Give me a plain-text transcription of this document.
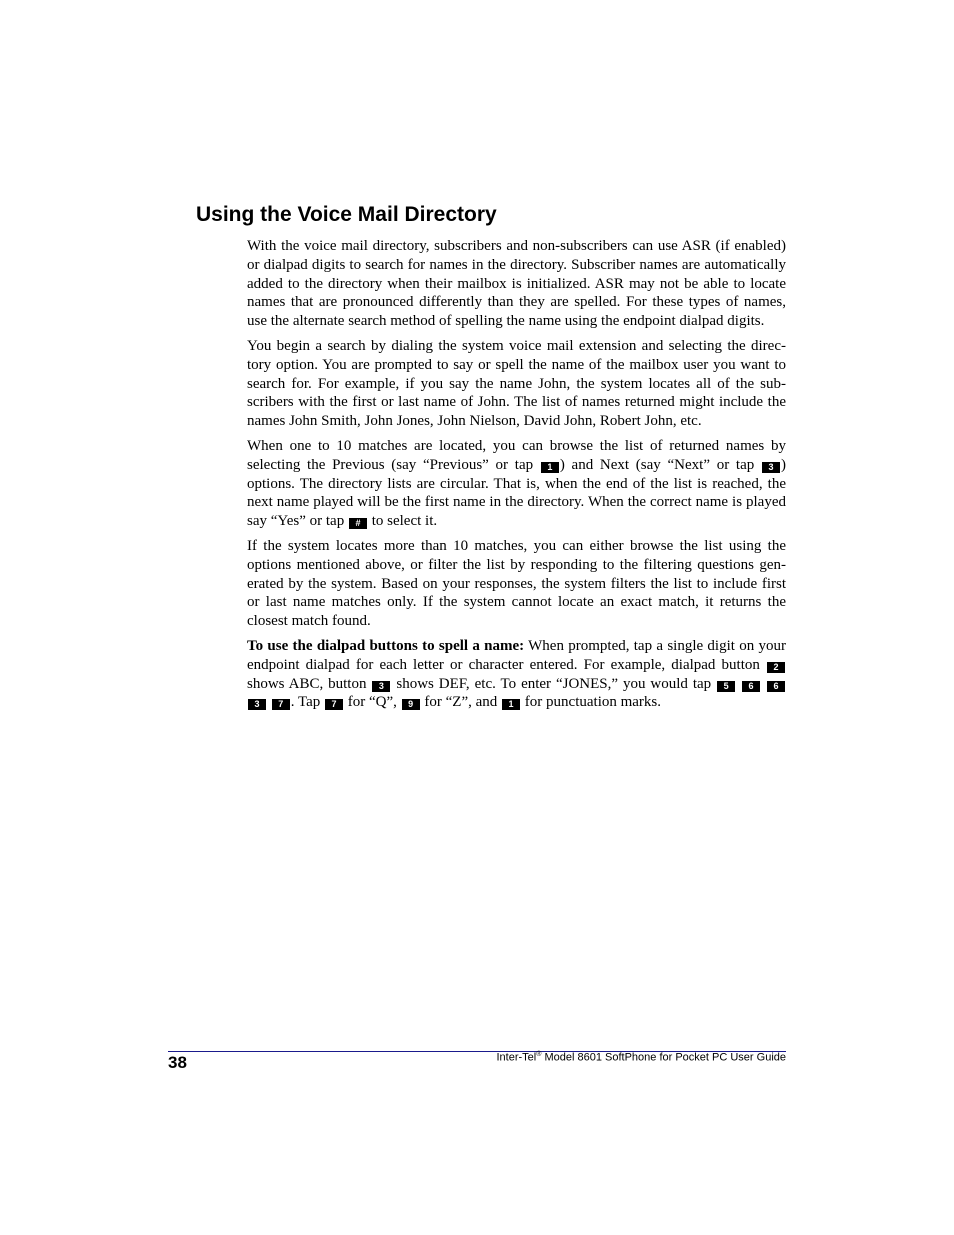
Using the Voice Mail Directory

With the voice mail directory, subscribers and non-subscribers can use ASR (if enabled) or dialpad digits to search for names in the directory. Subscriber names are automatically added to the directory when their mailbox is initialized. ASR may not be able to locate names that are pronounced differently than they are spelled. For these types of names, use the alternate search method of spelling the name using the endpoint dialpad digits.

You begin a search by dialing the system voice mail extension and selecting the direc-tory option. You are prompted to say or spell the name of the mailbox user you want to search for. For example, if you say the name John, the system locates all of the sub-scribers with the first or last name of John. The list of names returned might include the names John Smith, John Jones, John Nielson, David John, Robert John, etc.

When one to 10 matches are located, you can browse the list of returned names by selecting the Previous (say “Previous” or tap 1 ) and Next (say “Next” or tap 3 ) options. The directory lists are circular. That is, when the end of the list is reached, the next name played will be the first name in the directory. When the correct name is played say “Yes” or tap # to select it.

If the system locates more than 10 matches, you can either browse the list using the options mentioned above, or filter the list by responding to the filtering questions gen-erated by the system. Based on your responses, the system filters the list to include first or last name matches only. If the system cannot locate an exact match, it returns the closest match found.

To use the dialpad buttons to spell a name: When prompted, tap a single digit on your endpoint dialpad for each letter or character entered. For example, dialpad button 2 shows ABC, button 3 shows DEF, etc. To enter “JONES,” you would tap 5 6 6 3 7 . Tap 7 for “Q”, 9 for “Z”, and 1 for punctuation marks.

38	Inter-Tel® Model 8601 SoftPhone for Pocket PC User Guide
